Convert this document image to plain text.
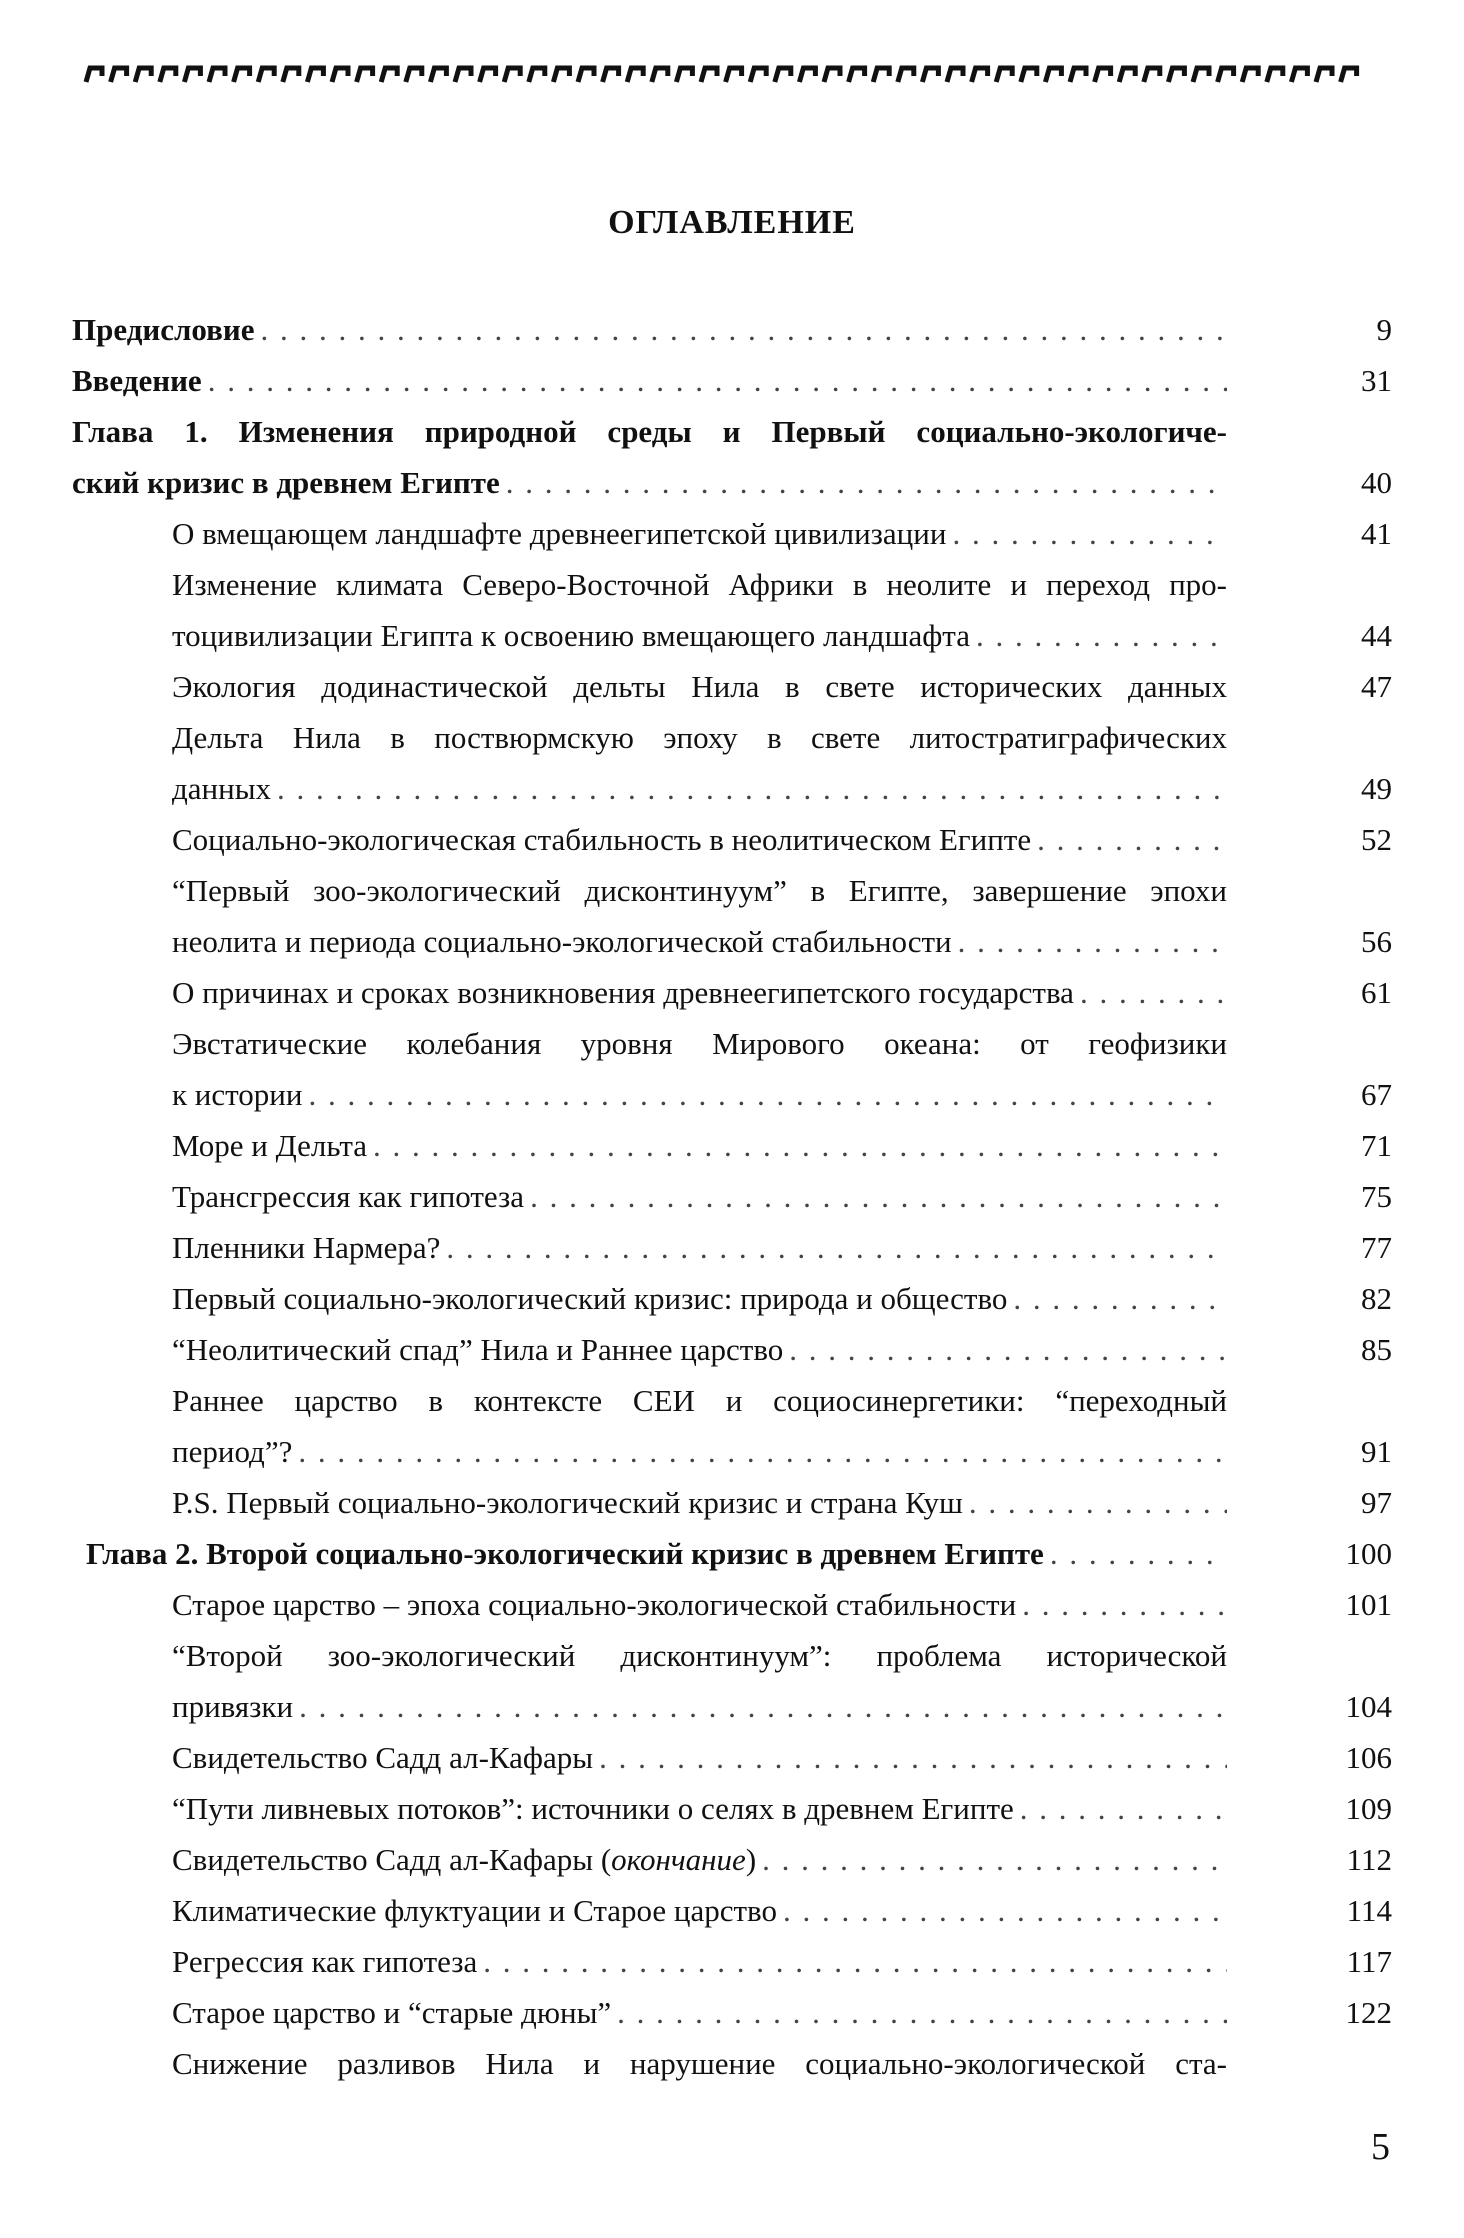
ОГЛАВЛЕНИЕ
Предисловие . . .	9
Введение . . .	31
Глава 1. Изменения природной среды и Первый социально-экологиче-
ский кризис в древнем Египте . . .	40
О вмещающем ландшафте древнеегипетской цивилизации . . .	41
Изменение климата Северо-Восточной Африки в неолите и переход про-
тоцивилизации Египта к освоению вмещающего ландшафта . . .	44
Экология додинастической дельты Нила в свете исторических данных	47
Дельта Нила в поствюрмскую эпоху в свете литостратиграфических
данных . . .	49
Социально-экологическая стабильность в неолитическом Египте . . .	52
“Первый зоо-экологический дисконтинуум” в Египте, завершение эпохи
неолита и периода социально-экологической стабильности . . .	56
О причинах и сроках возникновения древнеегипетского государства . . .	61
Эвстатические колебания уровня Мирового океана: от геофизики
к истории . . .	67
Море и Дельта . . .	71
Трансгрессия как гипотеза . . .	75
Пленники Нармера? . . .	77
Первый социально-экологический кризис: природа и общество . . .	82
“Неолитический спад” Нила и Раннее царство . . .	85
Раннее царство в контексте СЕИ и социосинергетики: “переходный
период”? . . .	91
P.S. Первый социально-экологический кризис и страна Куш . . .	97
Глава 2. Второй социально-экологический кризис в древнем Египте . . .	100
Старое царство – эпоха социально-экологической стабильности . . .	101
“Второй зоо-экологический дисконтинуум”: проблема исторической
привязки . . .	104
Свидетельство Садд ал-Кафары . . .	106
“Пути ливневых потоков”: источники о селях в древнем Египте . . .	109
Свидетельство Садд ал-Кафары (окончание) . . .	112
Климатические флуктуации и Старое царство . . .	114
Регрессия как гипотеза . . .	117
Старое царство и “старые дюны” . . .	122
Снижение разливов Нила и нарушение социально-экологической ста-
5
